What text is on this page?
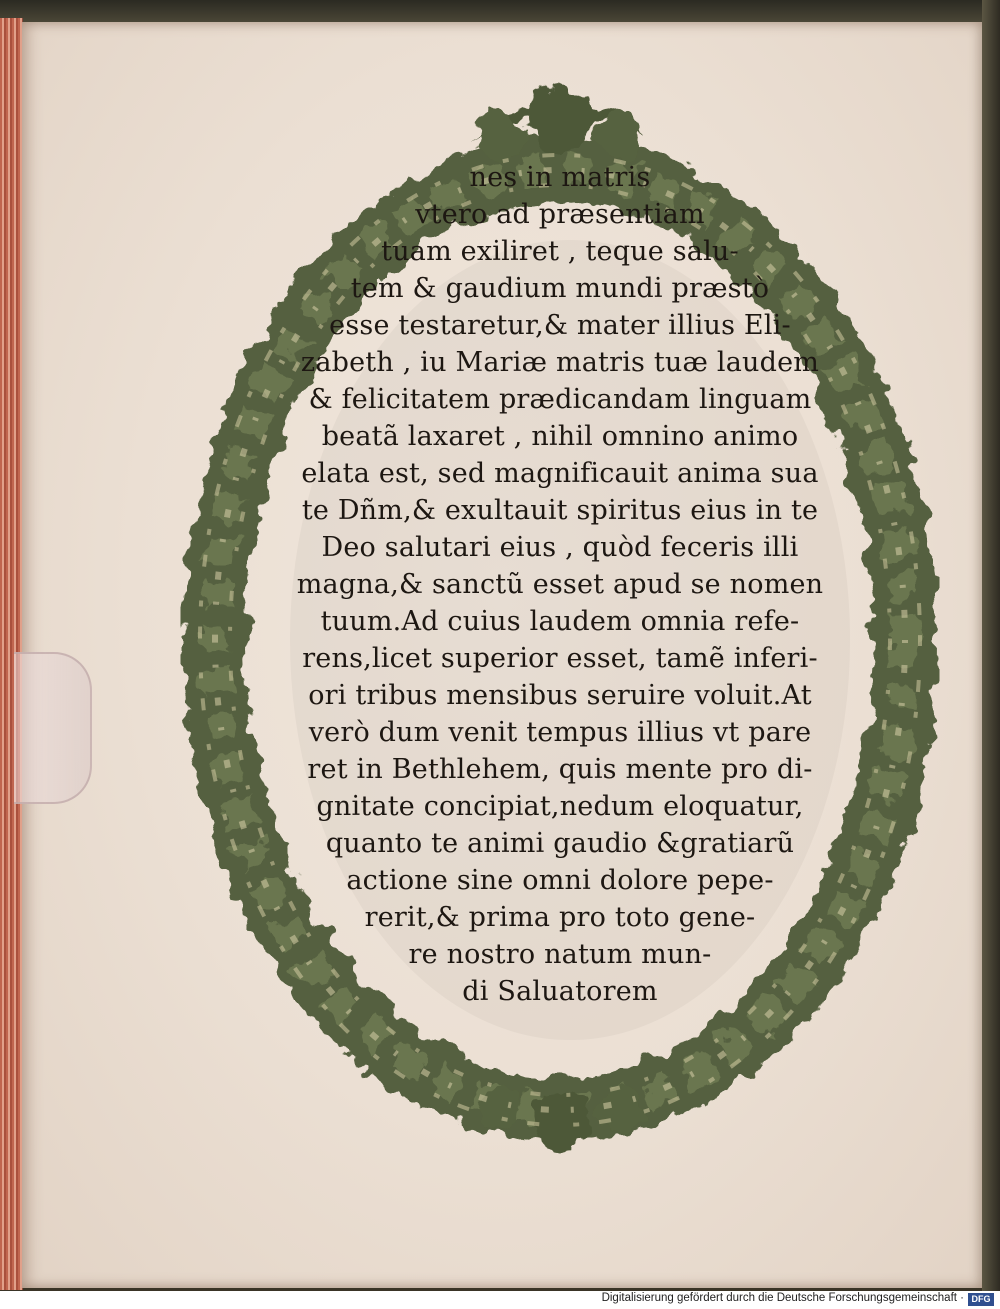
nes in matris
vtero ad præsentiam
tuam exiliret , teque salu-
tem & gaudium mundi præstò
esse testaretur,& mater illius Eli-
zabeth , iu Mariæ matris tuæ laudem
& felicitatem prædicandam linguam
beatã laxaret , nihil omnino animo
elata est, sed magnificauit anima sua
te Dñm,& exultauit spiritus eius in te
Deo salutari eius , quòd feceris illi
magna,& sanctũ esset apud se nomen
tuum.Ad cuius laudem omnia refe-
rens,licet superior esset, tamẽ inferi-
ori tribus mensibus seruire voluit.At
verò dum venit tempus illius vt pare
ret in Bethlehem, quis mente pro di-
gnitate concipiat,nedum eloquatur,
quanto te animi gaudio &gratiarũ
actione sine omni dolore pepe-
rerit,& prima pro toto gene-
re nostro natum mun-
di Saluatorem
Digitalisierung gefördert durch die Deutsche Forschungsgemeinschaft · DFG
